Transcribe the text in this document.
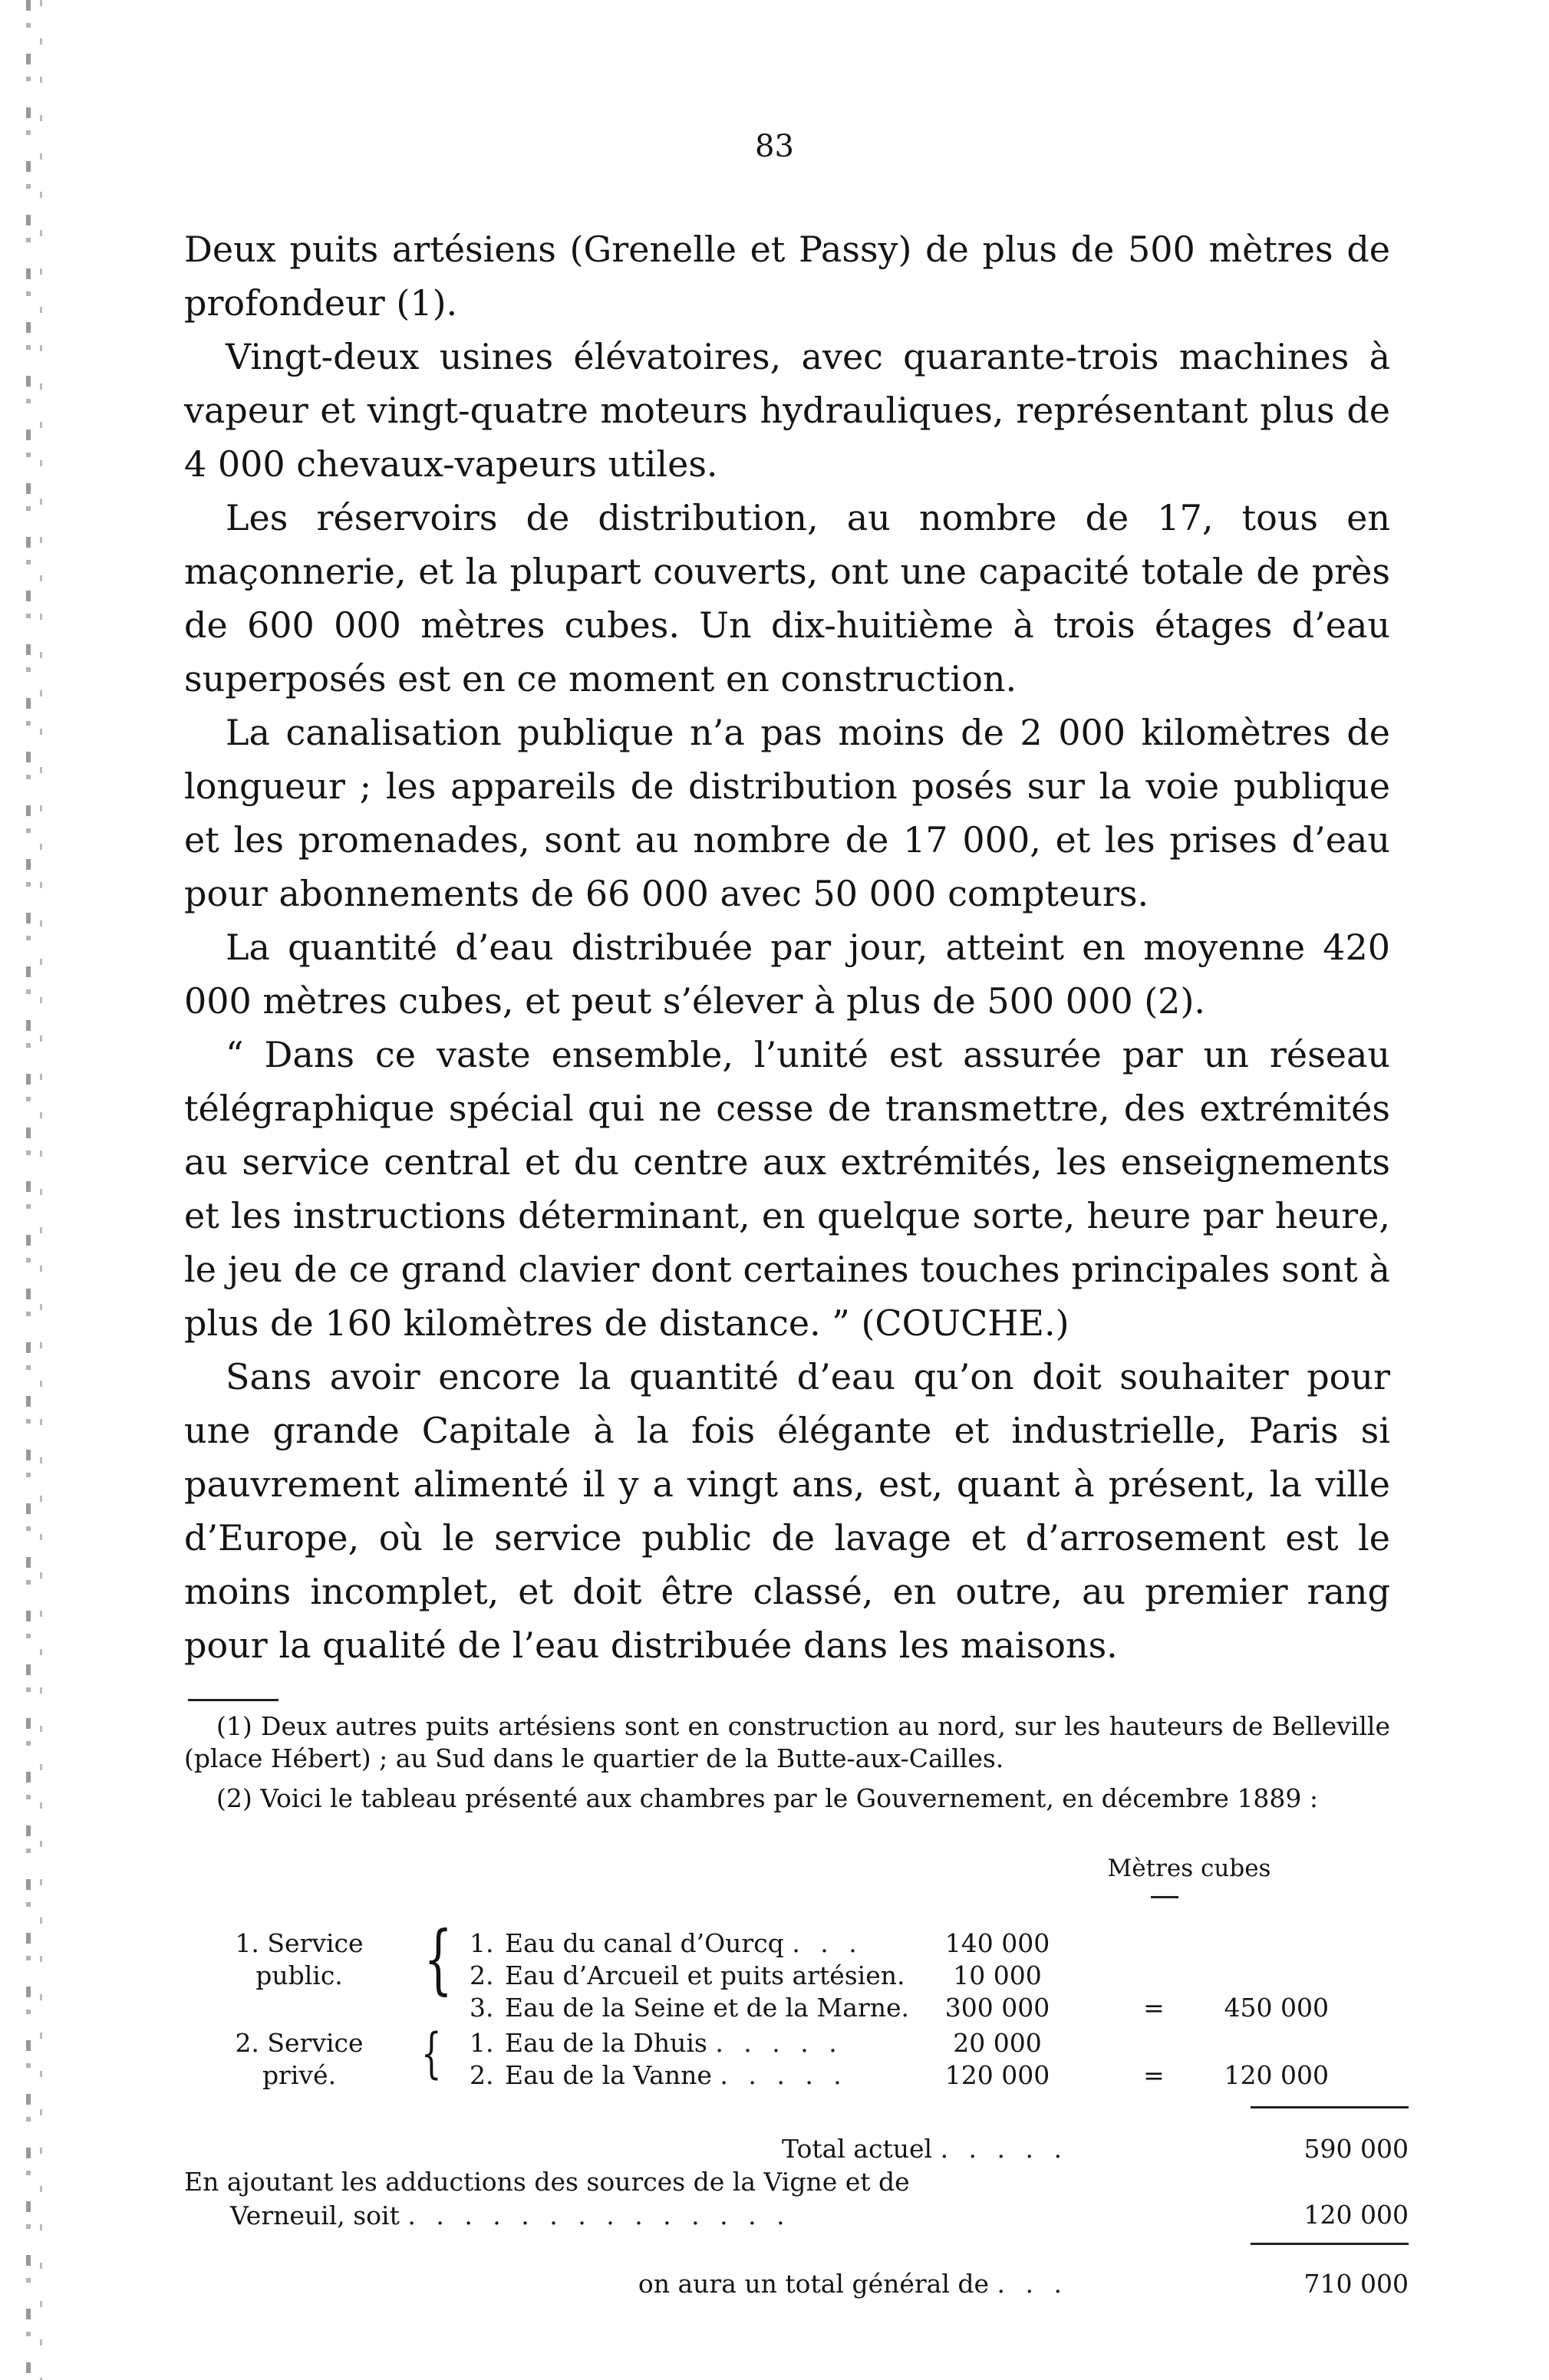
83

Deux puits artésiens (Grenelle et Passy) de plus de 500 mètres de profondeur (1).

Vingt-deux usines élévatoires, avec quarante-trois machines à vapeur et vingt-quatre moteurs hydrauliques, représentant plus de 4 000 chevaux-vapeurs utiles.

Les réservoirs de distribution, au nombre de 17, tous en maçonnerie, et la plupart couverts, ont une capacité totale de près de 600 000 mètres cubes. Un dix-huitième à trois étages d’eau superposés est en ce moment en construction.

La canalisation publique n’a pas moins de 2 000 kilomètres de longueur ; les appareils de distribution posés sur la voie publique et les promenades, sont au nombre de 17 000, et les prises d’eau pour abonnements de 66 000 avec 50 000 compteurs.

La quantité d’eau distribuée par jour, atteint en moyenne 420 000 mètres cubes, et peut s’élever à plus de 500 000 (2).

“ Dans ce vaste ensemble, l’unité est assurée par un réseau télégraphique spécial qui ne cesse de transmettre, des extrémités au service central et du centre aux extrémités, les enseignements et les instructions déterminant, en quelque sorte, heure par heure, le jeu de ce grand clavier dont certaines touches principales sont à plus de 160 kilomètres de distance. ” (COUCHE.)

Sans avoir encore la quantité d’eau qu’on doit souhaiter pour une grande Capitale à la fois élégante et industrielle, Paris si pauvrement alimenté il y a vingt ans, est, quant à présent, la ville d’Europe, où le service public de lavage et d’arrosement est le moins incomplet, et doit être classé, en outre, au premier rang pour la qualité de l’eau distribuée dans les maisons.

(1) Deux autres puits artésiens sont en construction au nord, sur les hauteurs de Belleville (place Hébert) ; au Sud dans le quartier de la Butte-aux-Cailles.

(2) Voici le tableau présenté aux chambres par le Gouvernement, en décembre 1889 :

Mètres cubes
1. Service { 1. Eau du canal d’Ourcq . . .	140 000
public.	2. Eau d’Arcueil et puits artésien.	10 000
3. Eau de la Seine et de la Marne.	300 000	=	450 000
2. Service	{ 1. Eau de la Dhuis . . . . .	20 000
privé.	2. Eau de la Vanne . . . . .	120 000	=	120 000
Total actuel . . . . .	590 000
En ajoutant les adductions des sources de la Vigne et de
Verneuil, soit . . . . . . . . . . . . . .	120 000
on aura un total général de . . .	710 000
